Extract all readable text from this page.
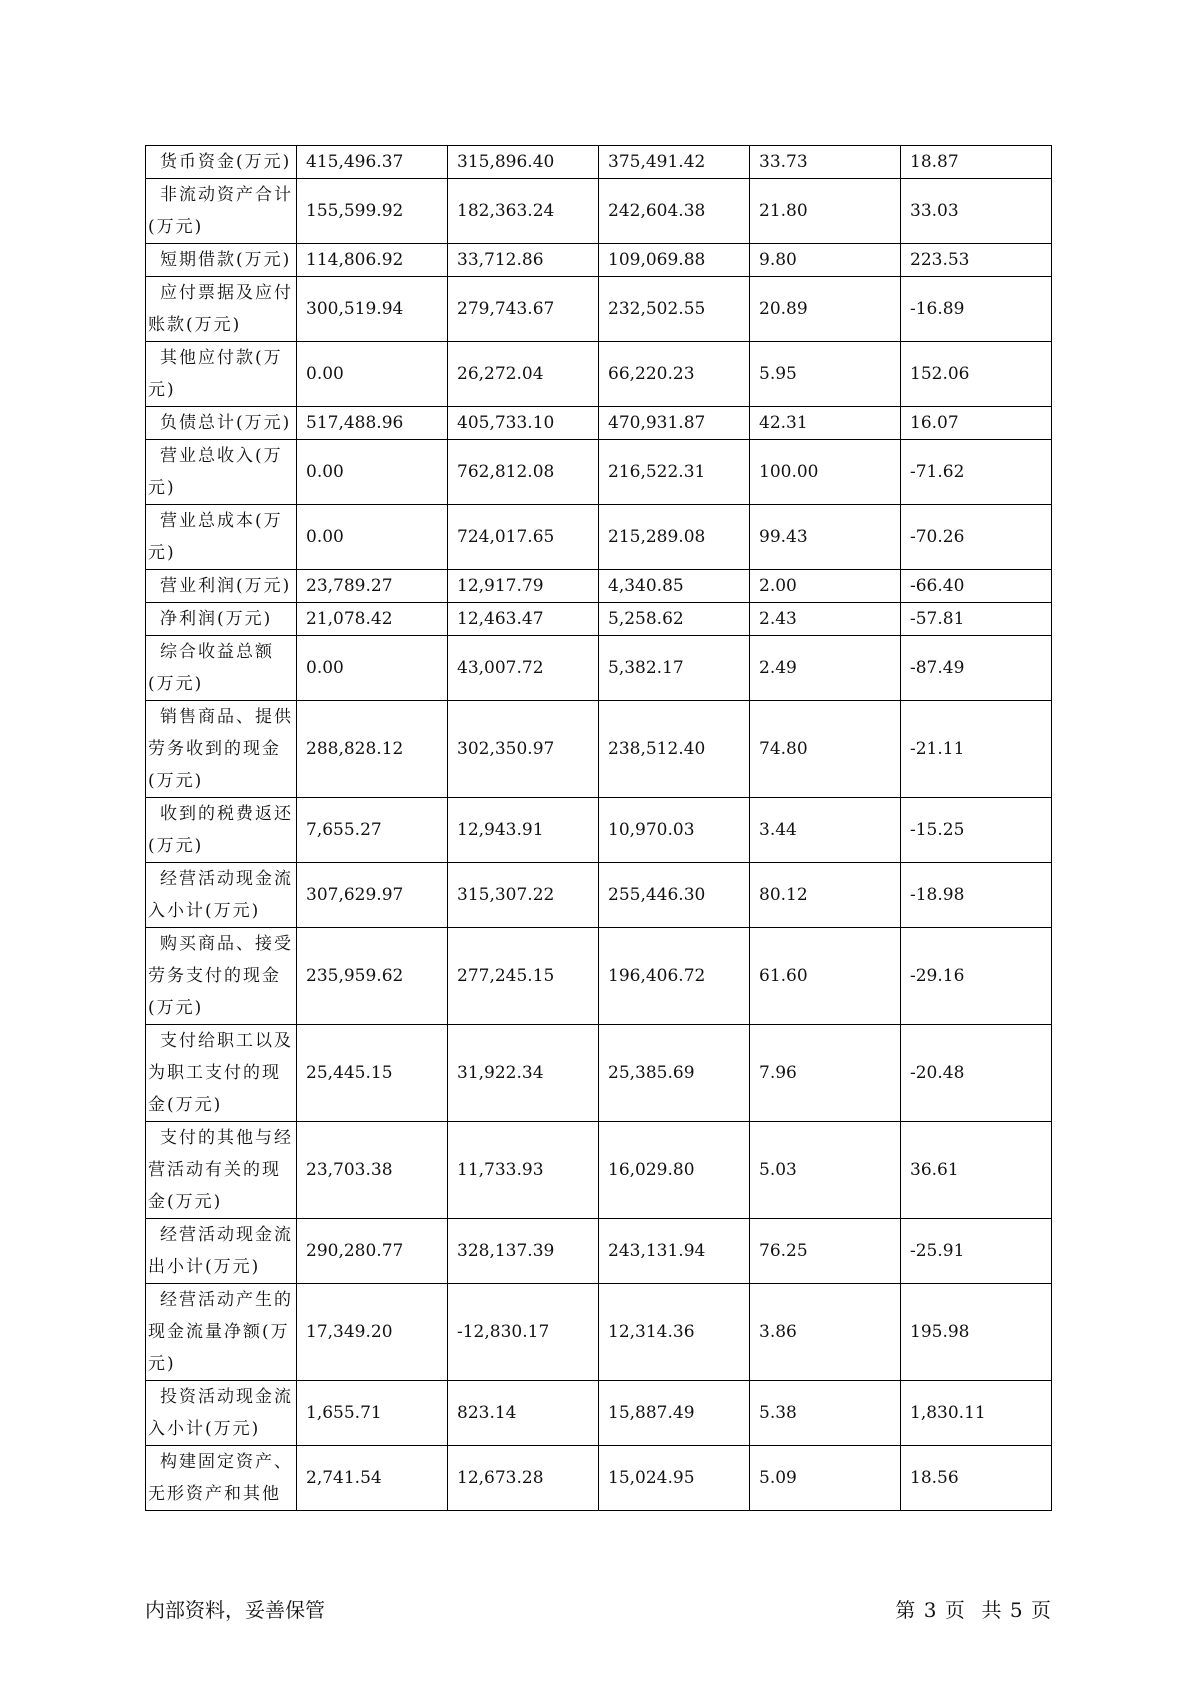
货币资金(万元)	415,496.37	315,896.40	375,491.42	33.73	18.87
非流动资产合计(万元)	155,599.92	182,363.24	242,604.38	21.80	33.03
短期借款(万元)	114,806.92	33,712.86	109,069.88	9.80	223.53
应付票据及应付账款(万元)	300,519.94	279,743.67	232,502.55	20.89	-16.89
其他应付款(万元)	0.00	26,272.04	66,220.23	5.95	152.06
负债总计(万元)	517,488.96	405,733.10	470,931.87	42.31	16.07
营业总收入(万元)	0.00	762,812.08	216,522.31	100.00	-71.62
营业总成本(万元)	0.00	724,017.65	215,289.08	99.43	-70.26
营业利润(万元)	23,789.27	12,917.79	4,340.85	2.00	-66.40
净利润(万元)	21,078.42	12,463.47	5,258.62	2.43	-57.81
综合收益总额(万元)	0.00	43,007.72	5,382.17	2.49	-87.49
销售商品、提供劳务收到的现金(万元)	288,828.12	302,350.97	238,512.40	74.80	-21.11
收到的税费返还(万元)	7,655.27	12,943.91	10,970.03	3.44	-15.25
经营活动现金流入小计(万元)	307,629.97	315,307.22	255,446.30	80.12	-18.98
购买商品、接受劳务支付的现金(万元)	235,959.62	277,245.15	196,406.72	61.60	-29.16
支付给职工以及为职工支付的现金(万元)	25,445.15	31,922.34	25,385.69	7.96	-20.48
支付的其他与经营活动有关的现金(万元)	23,703.38	11,733.93	16,029.80	5.03	36.61
经营活动现金流出小计(万元)	290,280.77	328,137.39	243,131.94	76.25	-25.91
经营活动产生的现金流量净额(万元)	17,349.20	-12,830.17	12,314.36	3.86	195.98
投资活动现金流入小计(万元)	1,655.71	823.14	15,887.49	5.38	1,830.11
构建固定资产、无形资产和其他	2,741.54	12,673.28	15,024.95	5.09	18.56
内部资料，妥善保管	第 3 页 共 5 页
